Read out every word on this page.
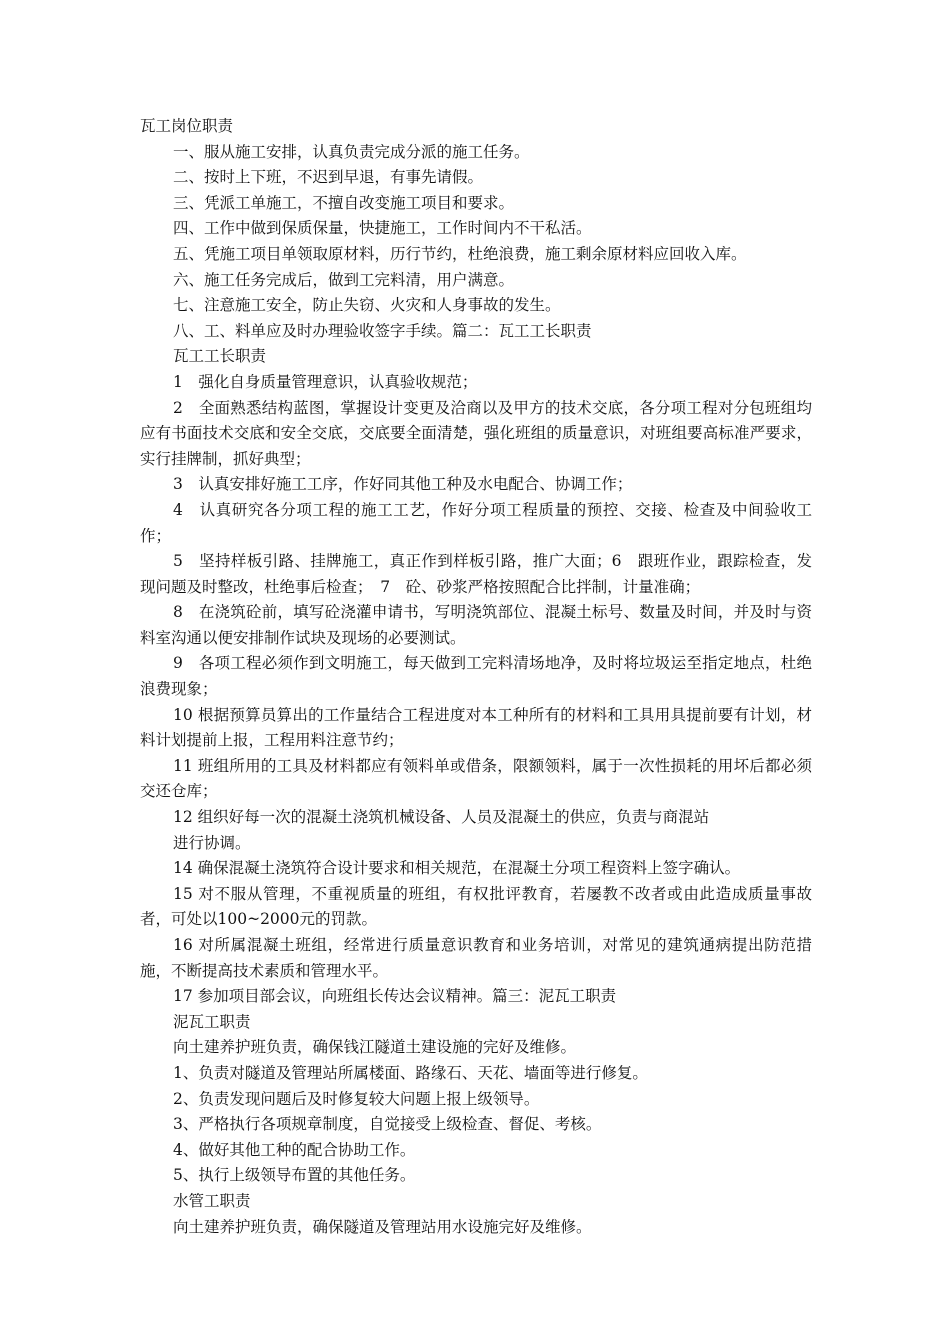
瓦工岗位职责

一、服从施工安排，认真负责完成分派的施工任务。

二、按时上下班，不迟到早退，有事先请假。

三、凭派工单施工，不擅自改变施工项目和要求。

四、工作中做到保质保量，快捷施工，工作时间内不干私活。

五、凭施工项目单领取原材料，历行节约，杜绝浪费，施工剩余原材料应回收入库。

六、施工任务完成后，做到工完料清，用户满意。

七、注意施工安全，防止失窃、火灾和人身事故的发生。

八、工、料单应及时办理验收签字手续。篇二：瓦工工长职责

瓦工工长职责

1　强化自身质量管理意识，认真验收规范；

2　全面熟悉结构蓝图，掌握设计变更及洽商以及甲方的技术交底，各分项工程对分包班组均应有书面技术交底和安全交底，交底要全面清楚，强化班组的质量意识，对班组要高标准严要求，实行挂牌制，抓好典型；

3　认真安排好施工工序，作好同其他工种及水电配合、协调工作；

4　认真研究各分项工程的施工工艺，作好分项工程质量的预控、交接、检查及中间验收工作；

5　坚持样板引路、挂牌施工，真正作到样板引路，推广大面；6　跟班作业，跟踪检查，发现问题及时整改，杜绝事后检查；　7　砼、砂浆严格按照配合比拌制，计量准确；

8　在浇筑砼前，填写砼浇灌申请书，写明浇筑部位、混凝土标号、数量及时间，并及时与资料室沟通以便安排制作试块及现场的必要测试。

9　各项工程必须作到文明施工，每天做到工完料清场地净，及时将垃圾运至指定地点，杜绝浪费现象；

10 根据预算员算出的工作量结合工程进度对本工种所有的材料和工具用具提前要有计划，材料计划提前上报，工程用料注意节约；

11 班组所用的工具及材料都应有领料单或借条，限额领料，属于一次性损耗的用坏后都必须交还仓库；

12 组织好每一次的混凝土浇筑机械设备、人员及混凝土的供应，负责与商混站

进行协调。

14 确保混凝土浇筑符合设计要求和相关规范，在混凝土分项工程资料上签字确认。

15 对不服从管理，不重视质量的班组，有权批评教育，若屡教不改者或由此造成质量事故者，可处以100~2000元的罚款。

16 对所属混凝土班组，经常进行质量意识教育和业务培训，对常见的建筑通病提出防范措施，不断提高技术素质和管理水平。

17 参加项目部会议，向班组长传达会议精神。篇三：泥瓦工职责

泥瓦工职责

向土建养护班负责，确保钱江隧道土建设施的完好及维修。

1、负责对隧道及管理站所属楼面、路缘石、天花、墙面等进行修复。

2、负责发现问题后及时修复较大问题上报上级领导。

3、严格执行各项规章制度，自觉接受上级检查、督促、考核。

4、做好其他工种的配合协助工作。

5、执行上级领导布置的其他任务。

水管工职责

向土建养护班负责，确保隧道及管理站用水设施完好及维修。
